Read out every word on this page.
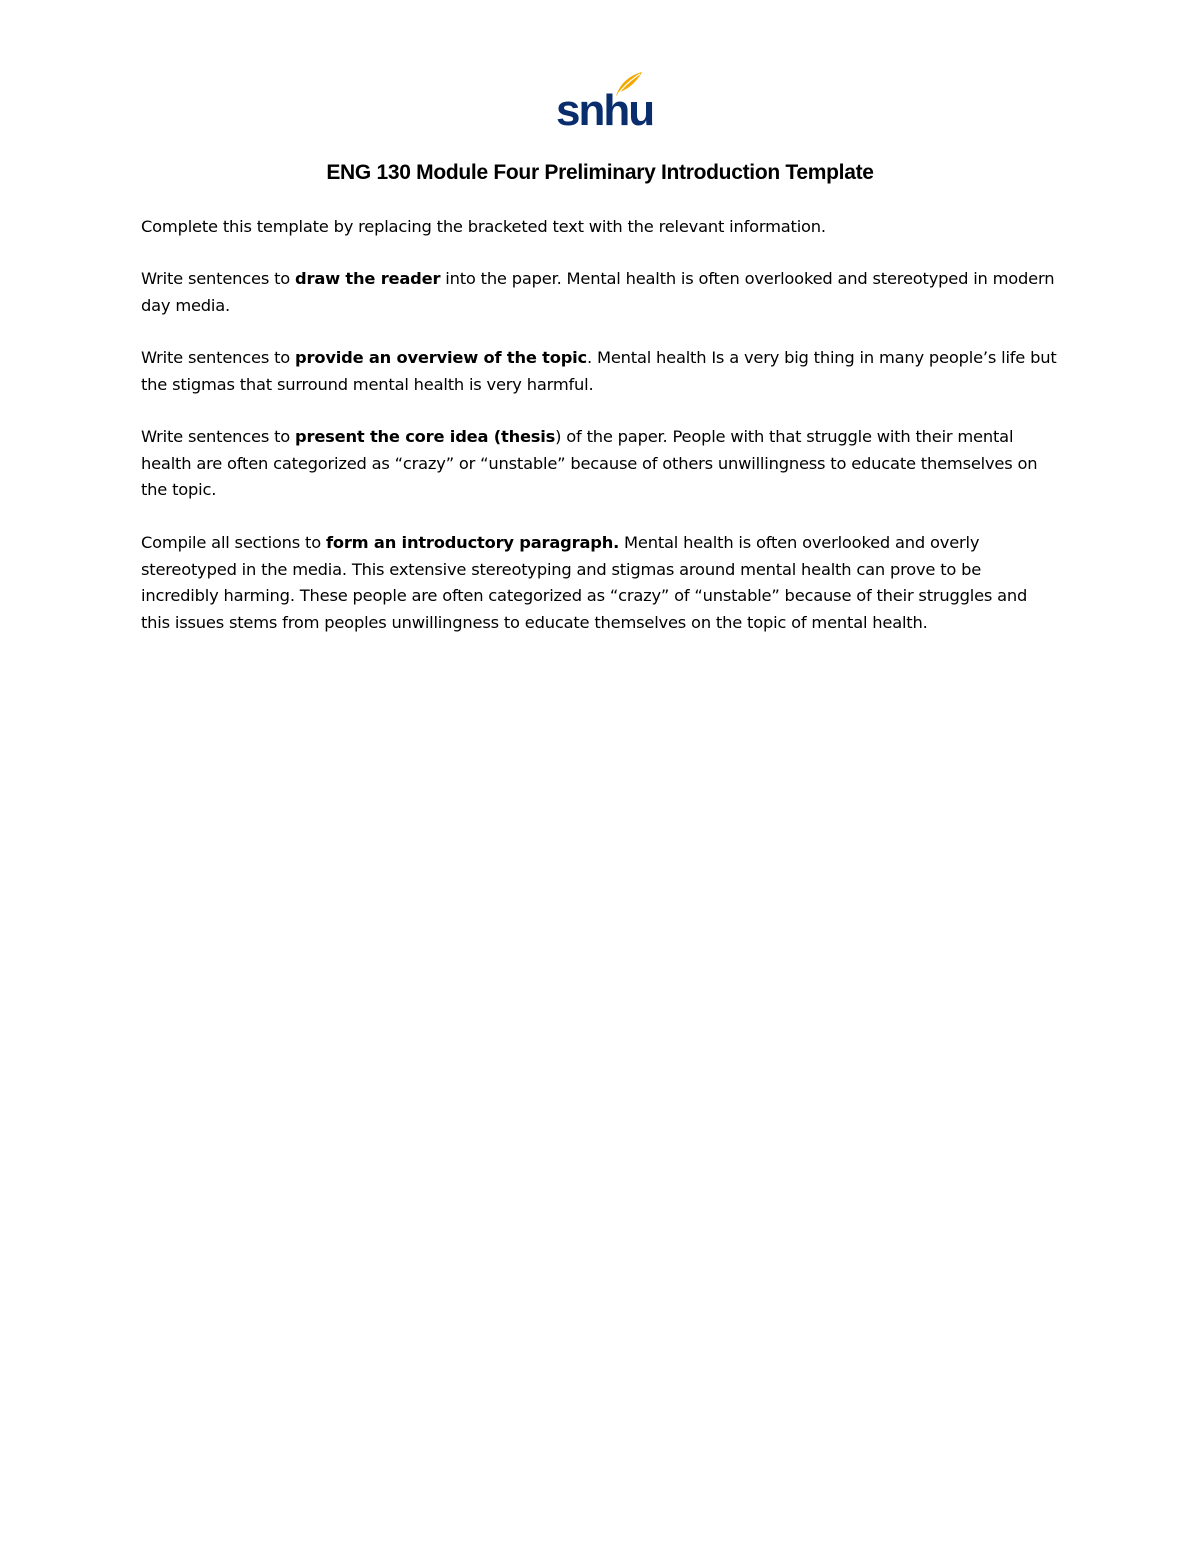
snhu
ENG 130 Module Four Preliminary Introduction Template
Complete this template by replacing the bracketed text with the relevant information.
Write sentences to draw the reader into the paper. Mental health is often overlooked and stereotyped in modern day media.
Write sentences to provide an overview of the topic. Mental health Is a very big thing in many people’s life but the stigmas that surround mental health is very harmful.
Write sentences to present the core idea (thesis) of the paper. People with that struggle with their mental health are often categorized as “crazy” or “unstable” because of others unwillingness to educate themselves on the topic.
Compile all sections to form an introductory paragraph. Mental health is often overlooked and overly stereotyped in the media. This extensive stereotyping and stigmas around mental health can prove to be incredibly harming. These people are often categorized as “crazy” of “unstable” because of their struggles and this issues stems from peoples unwillingness to educate themselves on the topic of mental health.
